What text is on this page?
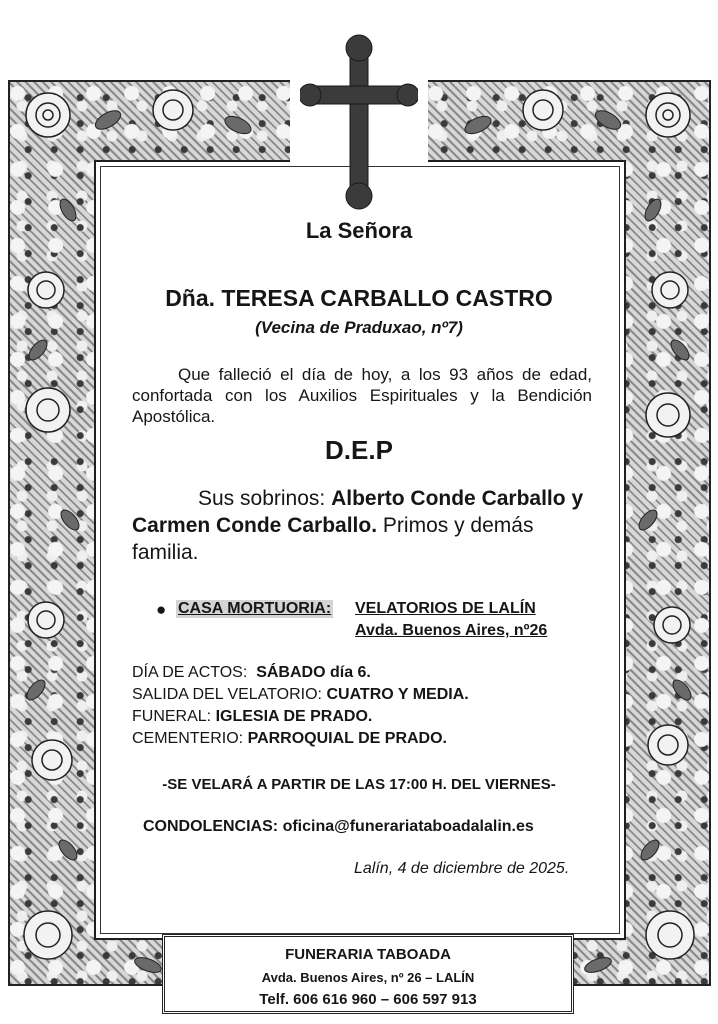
La Señora
Dña. TERESA CARBALLO CASTRO
(Vecina de Praduxao, nº7)
Que falleció el día de hoy, a los 93 años de edad, confortada con los Auxilios Espirituales y la Bendición Apostólica.
D.E.P
Sus sobrinos: Alberto Conde Carballo y Carmen Conde Carballo. Primos y demás familia.
● CASA MORTUORIA: VELATORIOS DE LALÍN
Avda. Buenos Aires, nº26
DÍA DE ACTOS: SÁBADO día 6.
SALIDA DEL VELATORIO: CUATRO Y MEDIA.
FUNERAL: IGLESIA DE PRADO.
CEMENTERIO: PARROQUIAL DE PRADO.
-SE VELARÁ A PARTIR DE LAS 17:00 H. DEL VIERNES-
CONDOLENCIAS: oficina@funerariataboadalalin.es
Lalín, 4 de diciembre de 2025.
FUNERARIA TABOADA
Avda. Buenos Aires, nº 26 – LALÍN
Telf. 606 616 960 – 606 597 913
